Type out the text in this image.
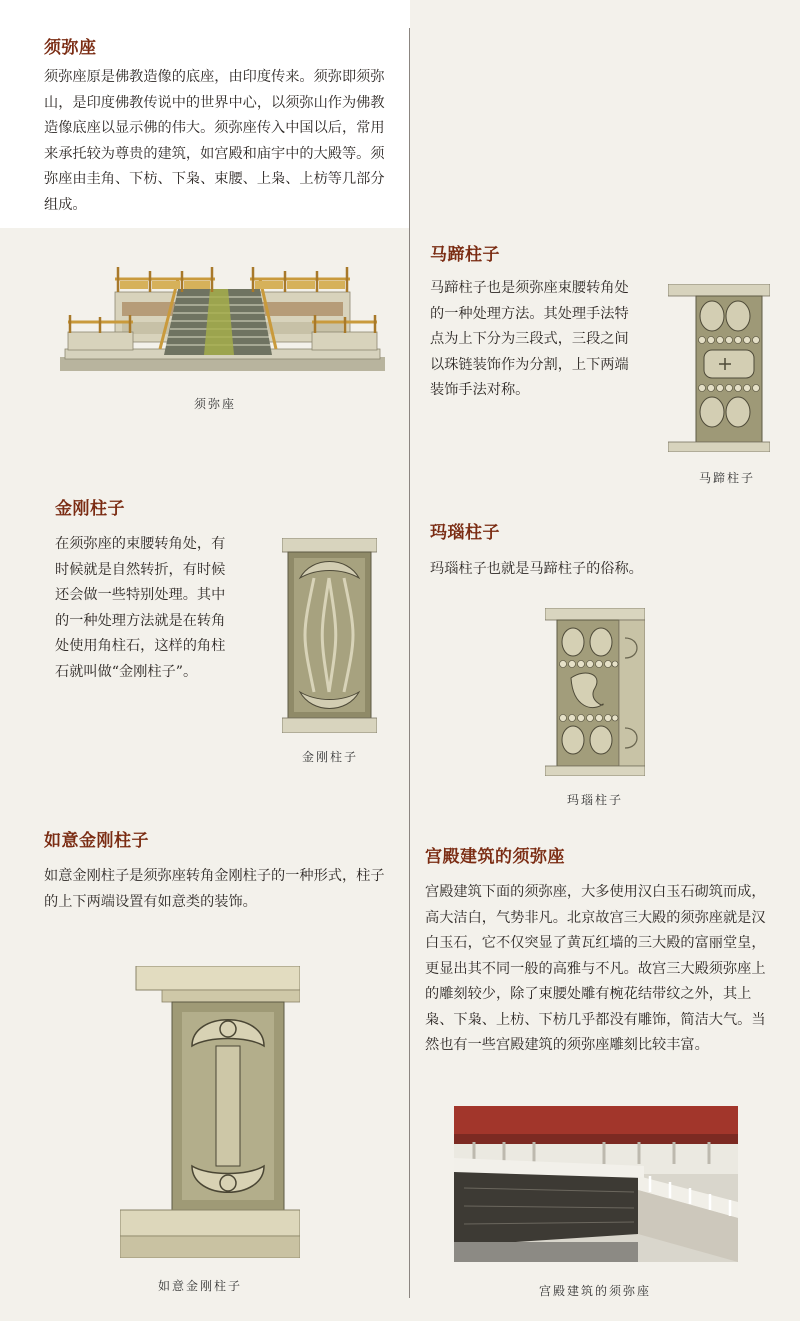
须弥座

须弥座原是佛教造像的底座，由印度传来。须弥即须弥山，是印度佛教传说中的世界中心，以须弥山作为佛教造像底座以显示佛的伟大。须弥座传入中国以后，常用来承托较为尊贵的建筑，如宫殿和庙宇中的大殿等。须弥座由圭角、下枋、下枭、束腰、上枭、上枋等几部分组成。

须弥座

金刚柱子

在须弥座的束腰转角处，有时候就是自然转折，有时候还会做一些特别处理。其中的一种处理方法就是在转角处使用角柱石，这样的角柱石就叫做“金刚柱子”。

金刚柱子

如意金刚柱子

如意金刚柱子是须弥座转角金刚柱子的一种形式，柱子的上下两端设置有如意类的装饰。

如意金刚柱子

马蹄柱子

马蹄柱子也是须弥座束腰转角处的一种处理方法。其处理手法特点为上下分为三段式，三段之间以珠链装饰作为分割，上下两端装饰手法对称。

马蹄柱子

玛瑙柱子

玛瑙柱子也就是马蹄柱子的俗称。

玛瑙柱子

宫殿建筑的须弥座

宫殿建筑下面的须弥座，大多使用汉白玉石砌筑而成，高大洁白，气势非凡。北京故宫三大殿的须弥座就是汉白玉石，它不仅突显了黄瓦红墙的三大殿的富丽堂皇，更显出其不同一般的高雅与不凡。故宫三大殿须弥座上的雕刻较少，除了束腰处雕有椀花结带纹之外，其上枭、下枭、上枋、下枋几乎都没有雕饰，简洁大气。当然也有一些宫殿建筑的须弥座雕刻比较丰富。

宫殿建筑的须弥座
